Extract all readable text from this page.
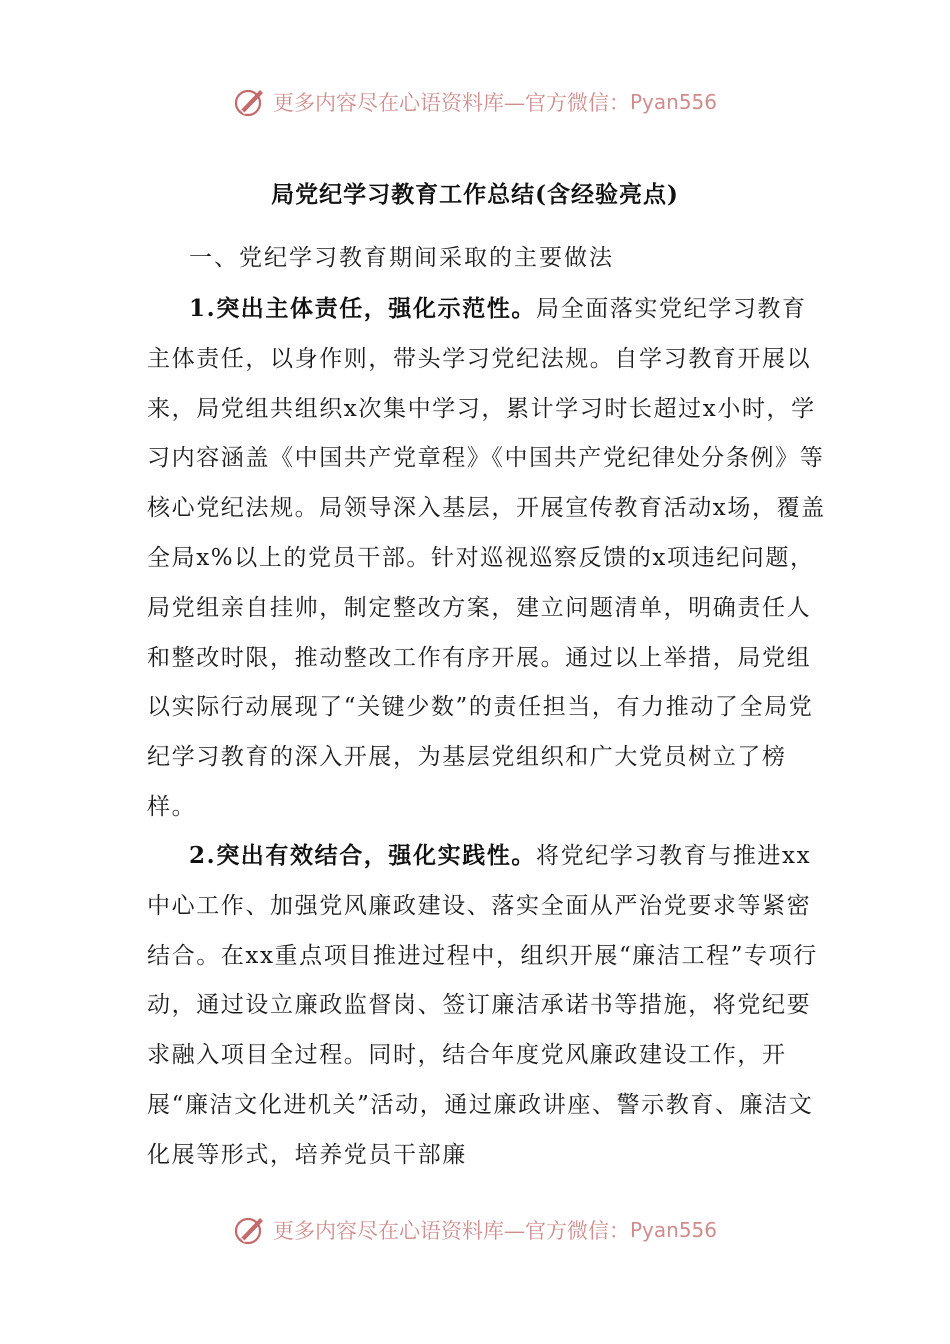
更多内容尽在心语资料库—官方微信： Pyan556
局党纪学习教育工作总结(含经验亮点)
一、党纪学习教育期间采取的主要做法

1.突出主体责任，强化示范性。局全面落实党纪学习教育主体责任，以身作则，带头学习党纪法规。自学习教育开展以来，局党组共组织x次集中学习，累计学习时长超过x小时，学习内容涵盖《中国共产党章程》《中国共产党纪律处分条例》等核心党纪法规。局领导深入基层，开展宣传教育活动x场，覆盖全局x%以上的党员干部。针对巡视巡察反馈的x项违纪问题，局党组亲自挂帅，制定整改方案，建立问题清单，明确责任人和整改时限，推动整改工作有序开展。通过以上举措，局党组以实际行动展现了“关键少数”的责任担当，有力推动了全局党纪学习教育的深入开展，为基层党组织和广大党员树立了榜样。

2.突出有效结合，强化实践性。将党纪学习教育与推进xx中心工作、加强党风廉政建设、落实全面从严治党要求等紧密结合。在xx重点项目推进过程中，组织开展“廉洁工程”专项行动，通过设立廉政监督岗、签订廉洁承诺书等措施，将党纪要求融入项目全过程。同时，结合年度党风廉政建设工作，开展“廉洁文化进机关”活动，通过廉政讲座、警示教育、廉洁文化展等形式，培养党员干部廉

更多内容尽在心语资料库—官方微信： Pyan556
